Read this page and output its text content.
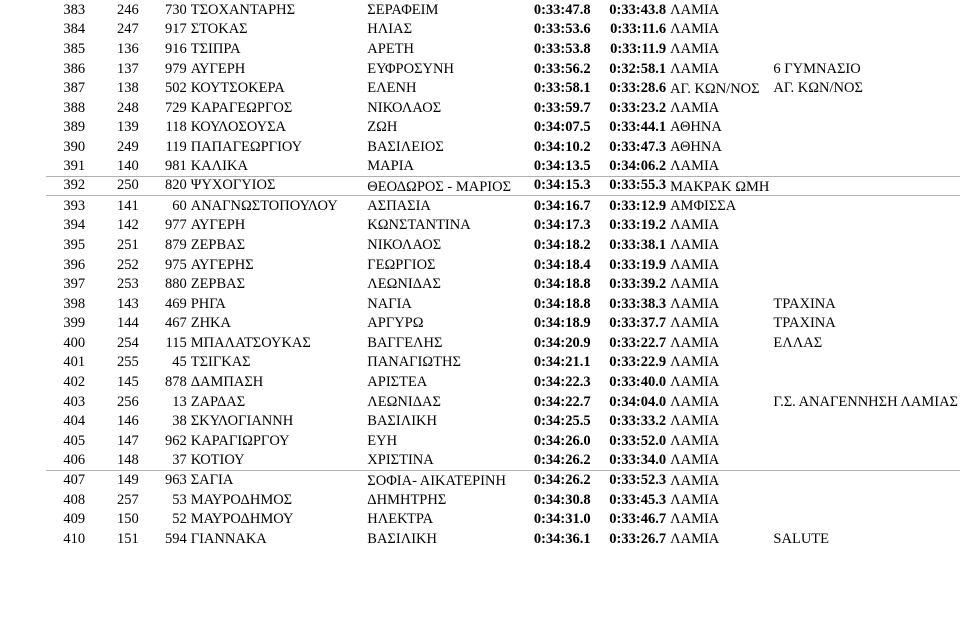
383	246	730	ΤΣΟΧΑΝΤΑΡΗΣ	ΣΕΡΑΦΕΙΜ	0:33:47.8	0:33:43.8	ΛΑΜΙΑ	
384	247	917	ΣΤΟΚΑΣ	ΗΛΙΑΣ	0:33:53.6	0:33:11.6	ΛΑΜΙΑ	
385	136	916	ΤΣΙΠΡΑ	ΑΡΕΤΗ	0:33:53.8	0:33:11.9	ΛΑΜΙΑ	
386	137	979	ΑΥΓΕΡΗ	ΕΥΦΡΟΣΥΝΗ	0:33:56.2	0:32:58.1	ΛΑΜΙΑ	6 ΓΥΜΝΑΣΙΟ
387	138	502	ΚΟΥΤΣΟΚΕΡΑ	ΕΛΕΝΗ	0:33:58.1	0:33:28.6	ΑΓ. ΚΩΝ/ΝΟΣ	ΑΓ. ΚΩΝ/ΝΟΣ
388	248	729	ΚΑΡΑΓΕΩΡΓΟΣ	ΝΙΚΟΛΑΟΣ	0:33:59.7	0:33:23.2	ΛΑΜΙΑ	
389	139	118	ΚΟΥΛΟΣΟΥΣΑ	ΖΩΗ	0:34:07.5	0:33:44.1	ΑΘΗΝΑ	
390	249	119	ΠΑΠΑΓΕΩΡΓΙΟΥ	ΒΑΣΙΛΕΙΟΣ	0:34:10.2	0:33:47.3	ΑΘΗΝΑ	
391	140	981	ΚΑΛΙΚΑ	ΜΑΡΙΑ	0:34:13.5	0:34:06.2	ΛΑΜΙΑ	
392	250	820	ΨΥΧΟΓΥΙΟΣ	ΘΕΟΔΩΡΟΣ - ΜΑΡΙΟΣ	0:34:15.3	0:33:55.3	ΜΑΚΡΑΚ ΩΜΗ	
393	141	60	ΑΝΑΓΝΩΣΤΟΠΟΥΛΟΥ	ΑΣΠΑΣΙΑ	0:34:16.7	0:33:12.9	ΑΜΦΙΣΣΑ	
394	142	977	ΑΥΓΕΡΗ	ΚΩΝΣΤΑΝΤΙΝΑ	0:34:17.3	0:33:19.2	ΛΑΜΙΑ	
395	251	879	ΖΕΡΒΑΣ	ΝΙΚΟΛΑΟΣ	0:34:18.2	0:33:38.1	ΛΑΜΙΑ	
396	252	975	ΑΥΓΕΡΗΣ	ΓΕΩΡΓΙΟΣ	0:34:18.4	0:33:19.9	ΛΑΜΙΑ	
397	253	880	ΖΕΡΒΑΣ	ΛΕΩΝΙΔΑΣ	0:34:18.8	0:33:39.2	ΛΑΜΙΑ	
398	143	469	ΡΗΓΑ	ΝΑΓΙΑ	0:34:18.8	0:33:38.3	ΛΑΜΙΑ	ΤΡΑΧΙΝΑ
399	144	467	ΖΗΚΑ	ΑΡΓΥΡΩ	0:34:18.9	0:33:37.7	ΛΑΜΙΑ	ΤΡΑΧΙΝΑ
400	254	115	ΜΠΑΛΑΤΣΟΥΚΑΣ	ΒΑΓΓΕΛΗΣ	0:34:20.9	0:33:22.7	ΛΑΜΙΑ	ΕΛΛΑΣ
401	255	45	ΤΣΙΓΚΑΣ	ΠΑΝΑΓΙΩΤΗΣ	0:34:21.1	0:33:22.9	ΛΑΜΙΑ	
402	145	878	ΔΑΜΠΑΣΗ	ΑΡΙΣΤΕΑ	0:34:22.3	0:33:40.0	ΛΑΜΙΑ	
403	256	13	ΖΑΡΔΑΣ	ΛΕΩΝΙΔΑΣ	0:34:22.7	0:34:04.0	ΛΑΜΙΑ	Γ.Σ. ΑΝΑΓΕΝΝΗΣΗ ΛΑΜΙΑΣ
404	146	38	ΣΚΥΛΟΓΙΑΝΝΗ	ΒΑΣΙΛΙΚΗ	0:34:25.5	0:33:33.2	ΛΑΜΙΑ	
405	147	962	ΚΑΡΑΓΙΩΡΓΟΥ	ΕΥΗ	0:34:26.0	0:33:52.0	ΛΑΜΙΑ	
406	148	37	ΚΟΤΙΟΥ	ΧΡΙΣΤΙΝΑ	0:34:26.2	0:33:34.0	ΛΑΜΙΑ	
407	149	963	ΣΑΓΙΑ	ΣΟΦΙΑ- ΑΙΚΑΤΕΡΙΝΗ	0:34:26.2	0:33:52.3	ΛΑΜΙΑ	
408	257	53	ΜΑΥΡΟΔΗΜΟΣ	ΔΗΜΗΤΡΗΣ	0:34:30.8	0:33:45.3	ΛΑΜΙΑ	
409	150	52	ΜΑΥΡΟΔΗΜΟΥ	ΗΛΕΚΤΡΑ	0:34:31.0	0:33:46.7	ΛΑΜΙΑ	
410	151	594	ΓΙΑΝΝΑΚΑ	ΒΑΣΙΛΙΚΗ	0:34:36.1	0:33:26.7	ΛΑΜΙΑ	SALUTE
